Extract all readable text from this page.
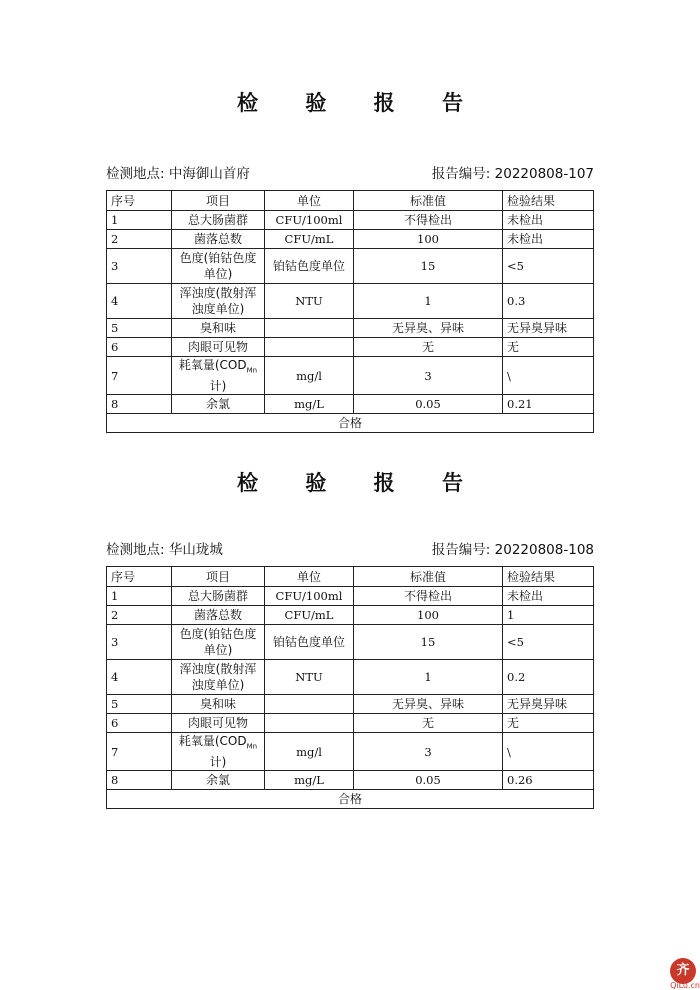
检 验 报 告
检测地点: 中海御山首府	报告编号: 20220808-107
序号	项目	单位	标准值	检验结果
1	总大肠菌群	CFU/100ml	不得检出	未检出
2	菌落总数	CFU/mL	100	未检出
3	色度(铂钴色度单位)	铂钴色度单位	15	<5
4	浑浊度(散射浑浊度单位)	NTU	1	0.3
5	臭和味		无异臭、异味	无异臭异味
6	肉眼可见物		无	无
7	耗氧量($COD_{Mn}$计)	mg/l	3	\
8	余氯	mg/L	0.05	0.21
合格				
检 验 报 告
检测地点: 华山珑城	报告编号: 20220808-108
序号	项目	单位	标准值	检验结果
1	总大肠菌群	CFU/100ml	不得检出	未检出
2	菌落总数	CFU/mL	100	1
3	色度(铂钴色度单位)	铂钴色度单位	15	<5
4	浑浊度(散射浑浊度单位)	NTU	1	0.2
5	臭和味		无异臭、异味	无异臭异味
6	肉眼可见物		无	无
7	耗氧量($COD_{Mn}$计)	mg/l	3	\
8	余氯	mg/L	0.05	0.26
合格				
齐
QiLu.cn
